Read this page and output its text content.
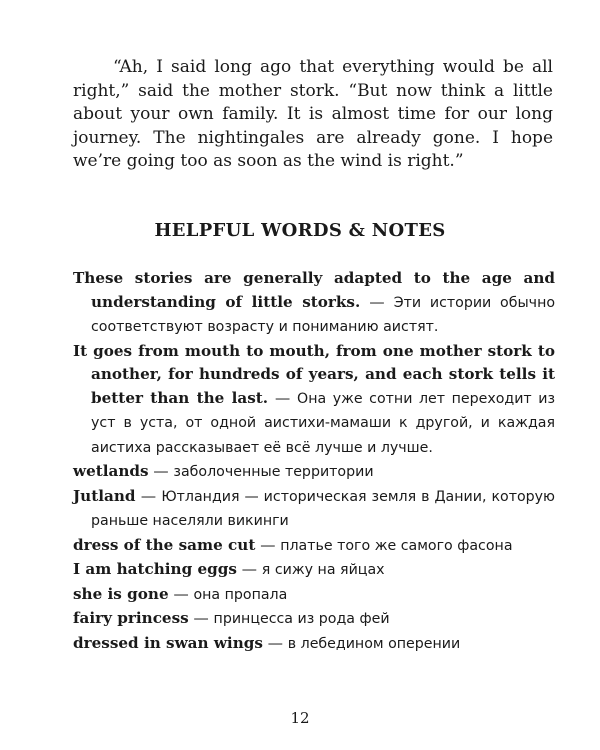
“Ah, I said long ago that everything would be all right,” said the mother stork. “But now think a little about your own family. It is almost time for our long journey. The nightingales are already gone. I hope we’re going too as soon as the wind is right.”

HELPFUL WORDS & NOTES
These stories are generally adapted to the age and understanding of little storks. — Эти истории обычно соответствуют возрасту и пониманию аистят.
It goes from mouth to mouth, from one mother stork to another, for hundreds of years, and each stork tells it better than the last. — Она уже сотни лет переходит из уст в уста, от одной аистихи-мамаши к другой, и каждая аистиха рассказывает её всё лучше и лучше.
wetlands — заболоченные территории
Jutland — Ютландия — историческая земля в Дании, которую раньше населяли викинги
dress of the same cut — платье того же самого фасона
I am hatching eggs — я сижу на яйцах
she is gone — она пропала
fairy princess — принцесса из рода фей
dressed in swan wings — в лебедином оперении
12
